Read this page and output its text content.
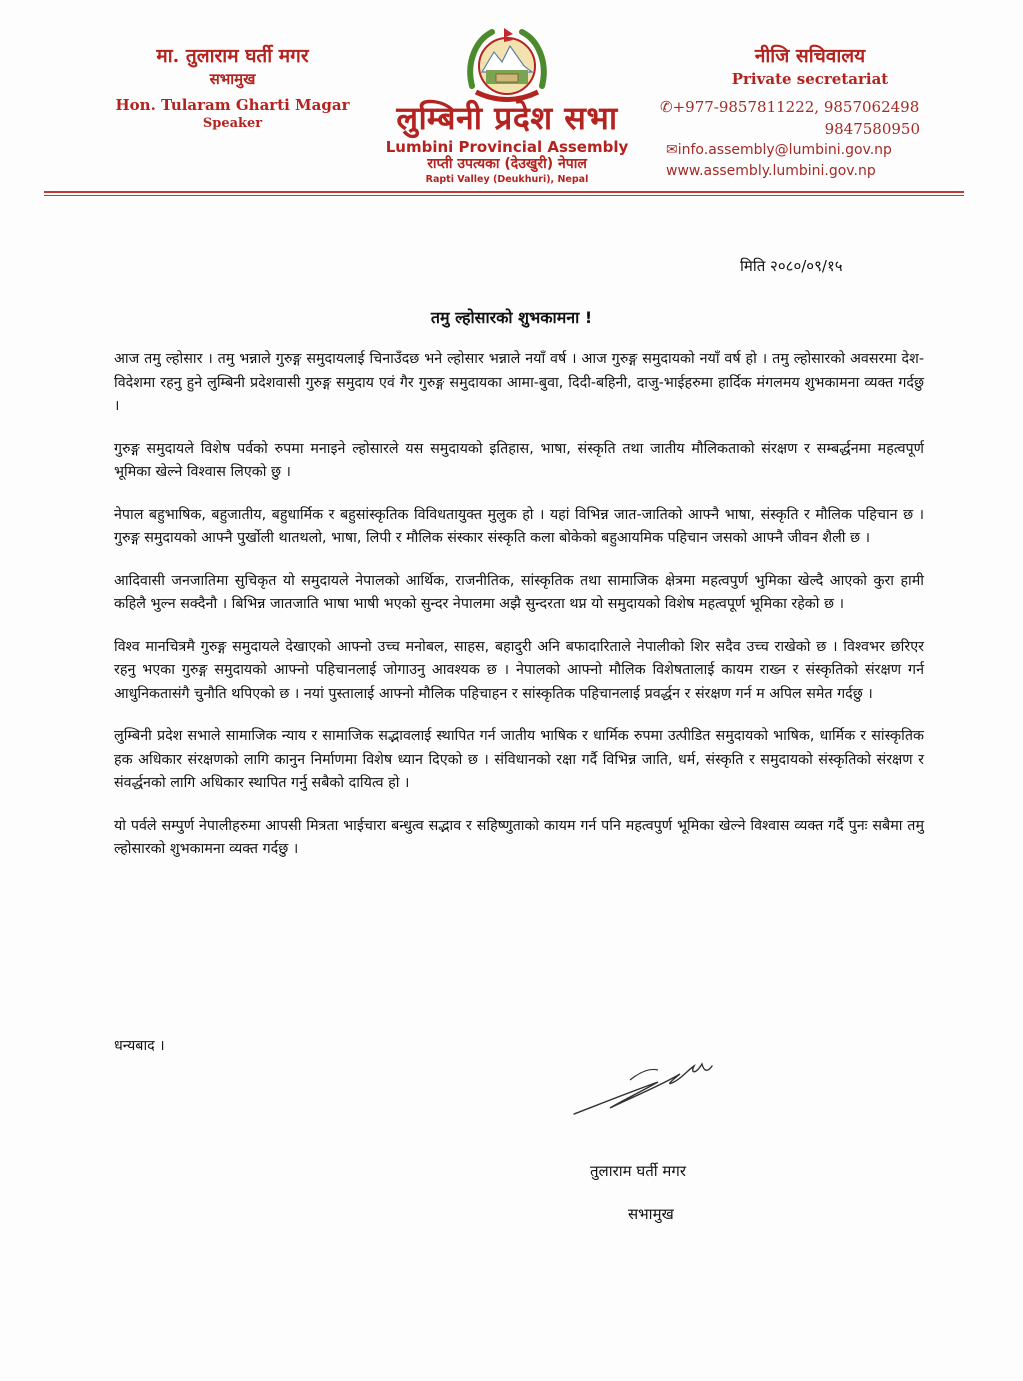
मा. तुलाराम घर्ती मगर
सभामुख
Hon. Tularam Gharti Magar
Speaker	लुम्बिनी प्रदेश सभा
Lumbini Provincial Assembly
राप्ती उपत्यका (देउखुरी) नेपाल
Rapti Valley (Deukhuri), Nepal
नीजि सचिवालय
Private secretariat
✆+977-9857811222, 9857062498
9847580950
✉info.assembly@lumbini.gov.np
www.assembly.lumbini.gov.np
मिति २०८०/०९/१५
तमु ल्होसारको शुभकामना !

आज तमु ल्होसार । तमु भन्नाले गुरुङ्ग समुदायलाई चिनाउँदछ भने ल्होसार भन्नाले नयाँ वर्ष । आज गुरुङ्ग समुदायको नयाँ वर्ष हो । तमु ल्होसारको अवसरमा देश-विदेशमा रहनु हुने लुम्बिनी प्रदेशवासी गुरुङ्ग समुदाय एवं गैर गुरुङ्ग समुदायका आमा-बुवा, दिदी-बहिनी, दाजु-भाईहरुमा हार्दिक मंगलमय शुभकामना व्यक्त गर्दछु ।

गुरुङ्ग समुदायले विशेष पर्वको रुपमा मनाइने ल्होसारले यस समुदायको इतिहास, भाषा, संस्कृति तथा जातीय मौलिकताको संरक्षण र सम्बर्द्धनमा महत्वपूर्ण भूमिका खेल्ने विश्वास लिएको छु ।

नेपाल बहुभाषिक, बहुजातीय, बहुधार्मिक र बहुसांस्कृतिक विविधतायुक्त मुलुक हो । यहां विभिन्न जात-जातिको आफ्नै भाषा, संस्कृति र मौलिक पहिचान छ । गुरुङ्ग समुदायको आफ्नै पुर्खोली थातथलो, भाषा, लिपी र मौलिक संस्कार संस्कृति कला बोकेको बहुआयमिक पहिचान जसको आफ्नै जीवन शैली छ ।

आदिवासी जनजातिमा सुचिकृत यो समुदायले नेपालको आर्थिक, राजनीतिक, सांस्कृतिक तथा सामाजिक क्षेत्रमा महत्वपुर्ण भुमिका खेल्दै आएको कुरा हामी कहिलै भुल्न सक्दैनौ । बिभिन्न जातजाति भाषा भाषी भएको सुन्दर नेपालमा अझै सुन्दरता थप्न यो समुदायको विशेष महत्वपूर्ण भूमिका रहेको छ ।

विश्व मानचित्रमै गुरुङ्ग समुदायले देखाएको आफ्नो उच्च मनोबल, साहस, बहादुरी अनि बफादारिताले नेपालीको शिर सदैव उच्च राखेको छ । विश्वभर छरिएर रहनु भएका गुरुङ्ग समुदायको आफ्नो पहिचानलाई जोगाउनु आवश्यक छ । नेपालको आफ्नो मौलिक विशेषतालाई कायम राख्न र संस्कृतिको संरक्षण गर्न आधुनिकतासंगै चुनौति थपिएको छ । नयां पुस्तालाई आफ्नो मौलिक पहिचाहन र सांस्कृतिक पहिचानलाई प्रवर्द्धन र संरक्षण गर्न म अपिल समेत गर्दछु ।

लुम्बिनी प्रदेश सभाले सामाजिक न्याय र सामाजिक सद्भावलाई स्थापित गर्न जातीय भाषिक र धार्मिक रुपमा उत्पीडित समुदायको भाषिक, धार्मिक र सांस्कृतिक हक अधिकार संरक्षणको लागि कानुन निर्माणमा विशेष ध्यान दिएको छ । संविधानको रक्षा गर्दै विभिन्न जाति, धर्म, संस्कृति र समुदायको संस्कृतिको संरक्षण र संवर्द्धनको लागि अधिकार स्थापित गर्नु सबैको दायित्व हो ।

यो पर्वले सम्पुर्ण नेपालीहरुमा आपसी मित्रता भाईचारा बन्धुत्व सद्भाव र सहिष्णुताको कायम गर्न पनि महत्वपुर्ण भूमिका खेल्ने विश्वास व्यक्त गर्दै पुनः सबैमा तमु ल्होसारको शुभकामना व्यक्त गर्दछु ।

धन्यबाद ।
तुलाराम घर्ती मगर
सभामुख
